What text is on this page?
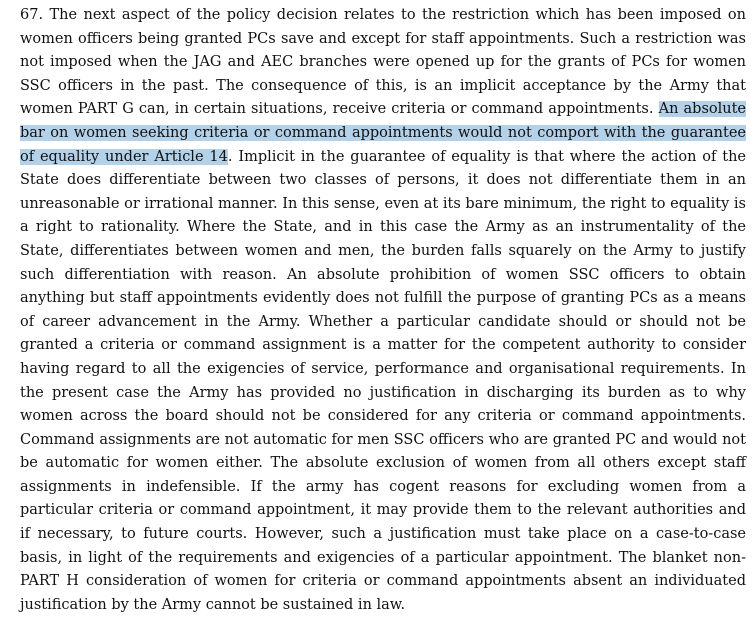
67. The next aspect of the policy decision relates to the restriction which has been imposed on women officers being granted PCs save and except for staff appointments. Such a restriction was not imposed when the JAG and AEC branches were opened up for the grants of PCs for women SSC officers in the past. The consequence of this, is an implicit acceptance by the Army that women PART G can, in certain situations, receive criteria or command appointments. An absolute bar on women seeking criteria or command appointments would not comport with the guarantee of equality under Article 14. Implicit in the guarantee of equality is that where the action of the State does differentiate between two classes of persons, it does not differentiate them in an unreasonable or irrational manner. In this sense, even at its bare minimum, the right to equality is a right to rationality. Where the State, and in this case the Army as an instrumentality of the State, differentiates between women and men, the burden falls squarely on the Army to justify such differentiation with reason. An absolute prohibition of women SSC officers to obtain anything but staff appointments evidently does not fulfill the purpose of granting PCs as a means of career advancement in the Army. Whether a particular candidate should or should not be granted a criteria or command assignment is a matter for the competent authority to consider having regard to all the exigencies of service, performance and organisational requirements. In the present case the Army has provided no justification in discharging its burden as to why women across the board should not be considered for any criteria or command appointments. Command assignments are not automatic for men SSC officers who are granted PC and would not be automatic for women either. The absolute exclusion of women from all others except staff assignments in indefensible. If the army has cogent reasons for excluding women from a particular criteria or command appointment, it may provide them to the relevant authorities and if necessary, to future courts. However, such a justification must take place on a case-to-case basis, in light of the requirements and exigencies of a particular appointment. The blanket non- PART H consideration of women for criteria or command appointments absent an individuated justification by the Army cannot be sustained in law.
